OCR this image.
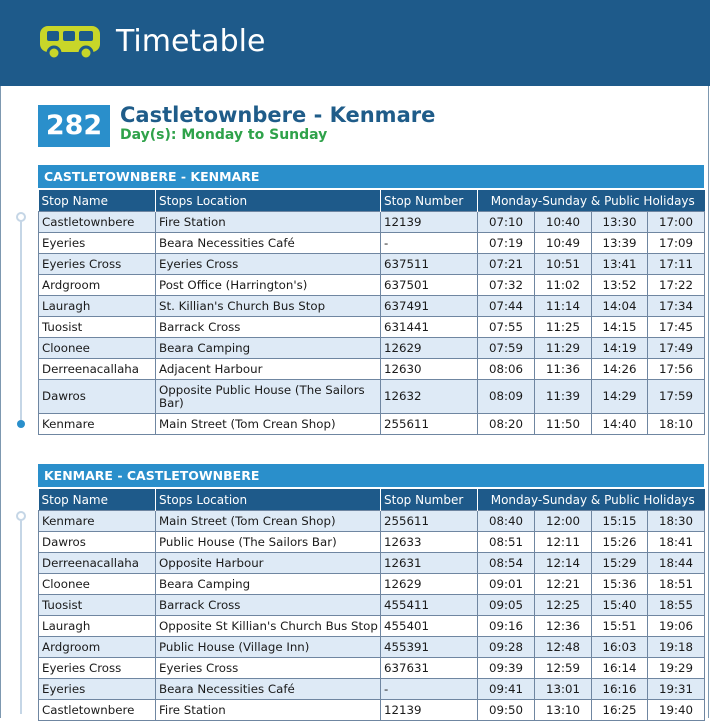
Timetable
282 Castletownbere - Kenmare
Day(s): Monday to Sunday
CASTLETOWNBERE - KENMARE
Stop Name	Stops Location	Stop Number	Monday-Sunday & Public Holidays			
Castletownbere	Fire Station	12139	07:10	10:40	13:30	17:00
Eyeries	Beara Necessities Café	-	07:19	10:49	13:39	17:09
Eyeries Cross	Eyeries Cross	637511	07:21	10:51	13:41	17:11
Ardgroom	Post Office (Harrington's)	637501	07:32	11:02	13:52	17:22
Lauragh	St. Killian's Church Bus Stop	637491	07:44	11:14	14:04	17:34
Tuosist	Barrack Cross	631441	07:55	11:25	14:15	17:45
Cloonee	Beara Camping	12629	07:59	11:29	14:19	17:49
Derreenacallaha	Adjacent Harbour	12630	08:06	11:36	14:26	17:56
Dawros	Opposite Public House (The Sailors Bar)	12632	08:09	11:39	14:29	17:59
Kenmare	Main Street (Tom Crean Shop)	255611	08:20	11:50	14:40	18:10
KENMARE - CASTLETOWNBERE
Stop Name	Stops Location	Stop Number	Monday-Sunday & Public Holidays			
Kenmare	Main Street (Tom Crean Shop)	255611	08:40	12:00	15:15	18:30
Dawros	Public House (The Sailors Bar)	12633	08:51	12:11	15:26	18:41
Derreenacallaha	Opposite Harbour	12631	08:54	12:14	15:29	18:44
Cloonee	Beara Camping	12629	09:01	12:21	15:36	18:51
Tuosist	Barrack Cross	455411	09:05	12:25	15:40	18:55
Lauragh	Opposite St Killian's Church Bus Stop	455401	09:16	12:36	15:51	19:06
Ardgroom	Public House (Village Inn)	455391	09:28	12:48	16:03	19:18
Eyeries Cross	Eyeries Cross	637631	09:39	12:59	16:14	19:29
Eyeries	Beara Necessities Café	-	09:41	13:01	16:16	19:31
Castletownbere	Fire Station	12139	09:50	13:10	16:25	19:40
